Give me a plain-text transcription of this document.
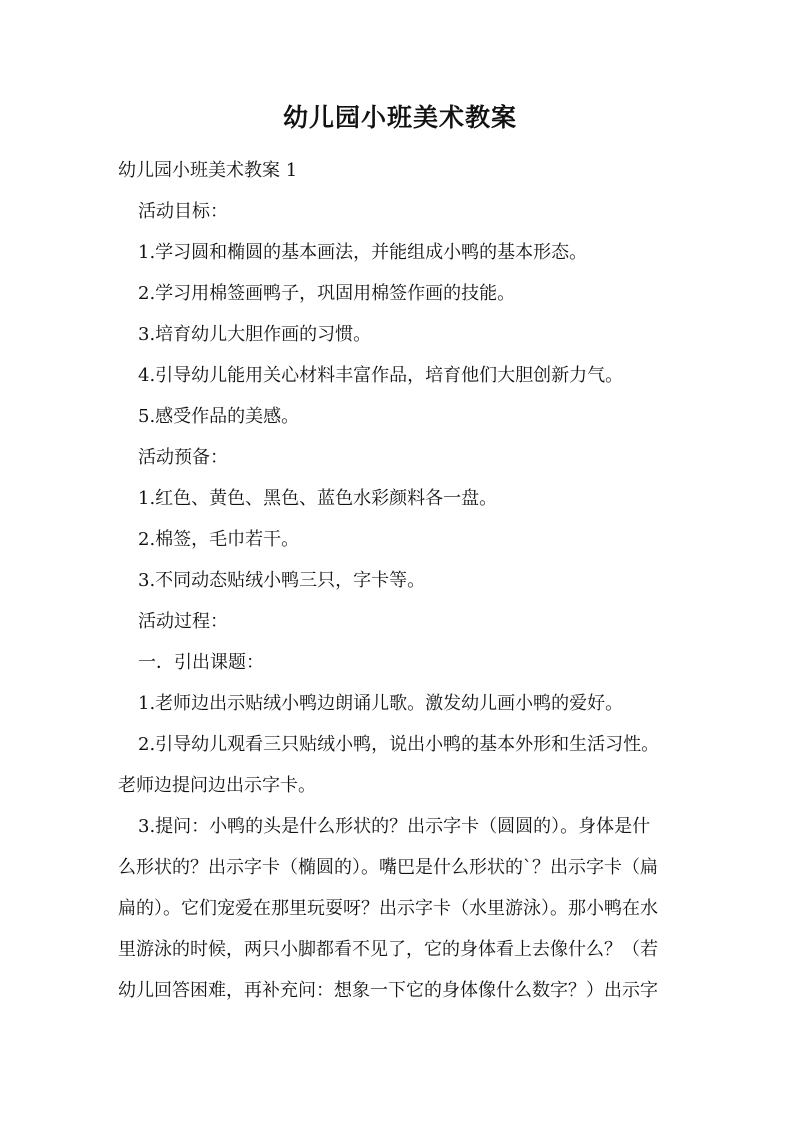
幼儿园小班美术教案
幼儿园小班美术教案 1
活动目标：
1.学习圆和椭圆的基本画法，并能组成小鸭的基本形态。
2.学习用棉签画鸭子，巩固用棉签作画的技能。
3.培育幼儿大胆作画的习惯。
4.引导幼儿能用关心材料丰富作品，培育他们大胆创新力气。
5.感受作品的美感。
活动预备：
1.红色、黄色、黑色、蓝色水彩颜料各一盘。
2.棉签，毛巾若干。
3.不同动态贴绒小鸭三只，字卡等。
活动过程：
一．引出课题：
1.老师边出示贴绒小鸭边朗诵儿歌。激发幼儿画小鸭的爱好。
2.引导幼儿观看三只贴绒小鸭，说出小鸭的基本外形和生活习性。
老师边提问边出示字卡。
3.提问：小鸭的头是什么形状的？出示字卡（圆圆的）。身体是什
么形状的？出示字卡（椭圆的）。嘴巴是什么形状的`？出示字卡（扁
扁的）。它们宠爱在那里玩耍呀？出示字卡（水里游泳）。那小鸭在水
里游泳的时候，两只小脚都看不见了，它的身体看上去像什么？（若
幼儿回答困难，再补充问：想象一下它的身体像什么数字？）出示字
